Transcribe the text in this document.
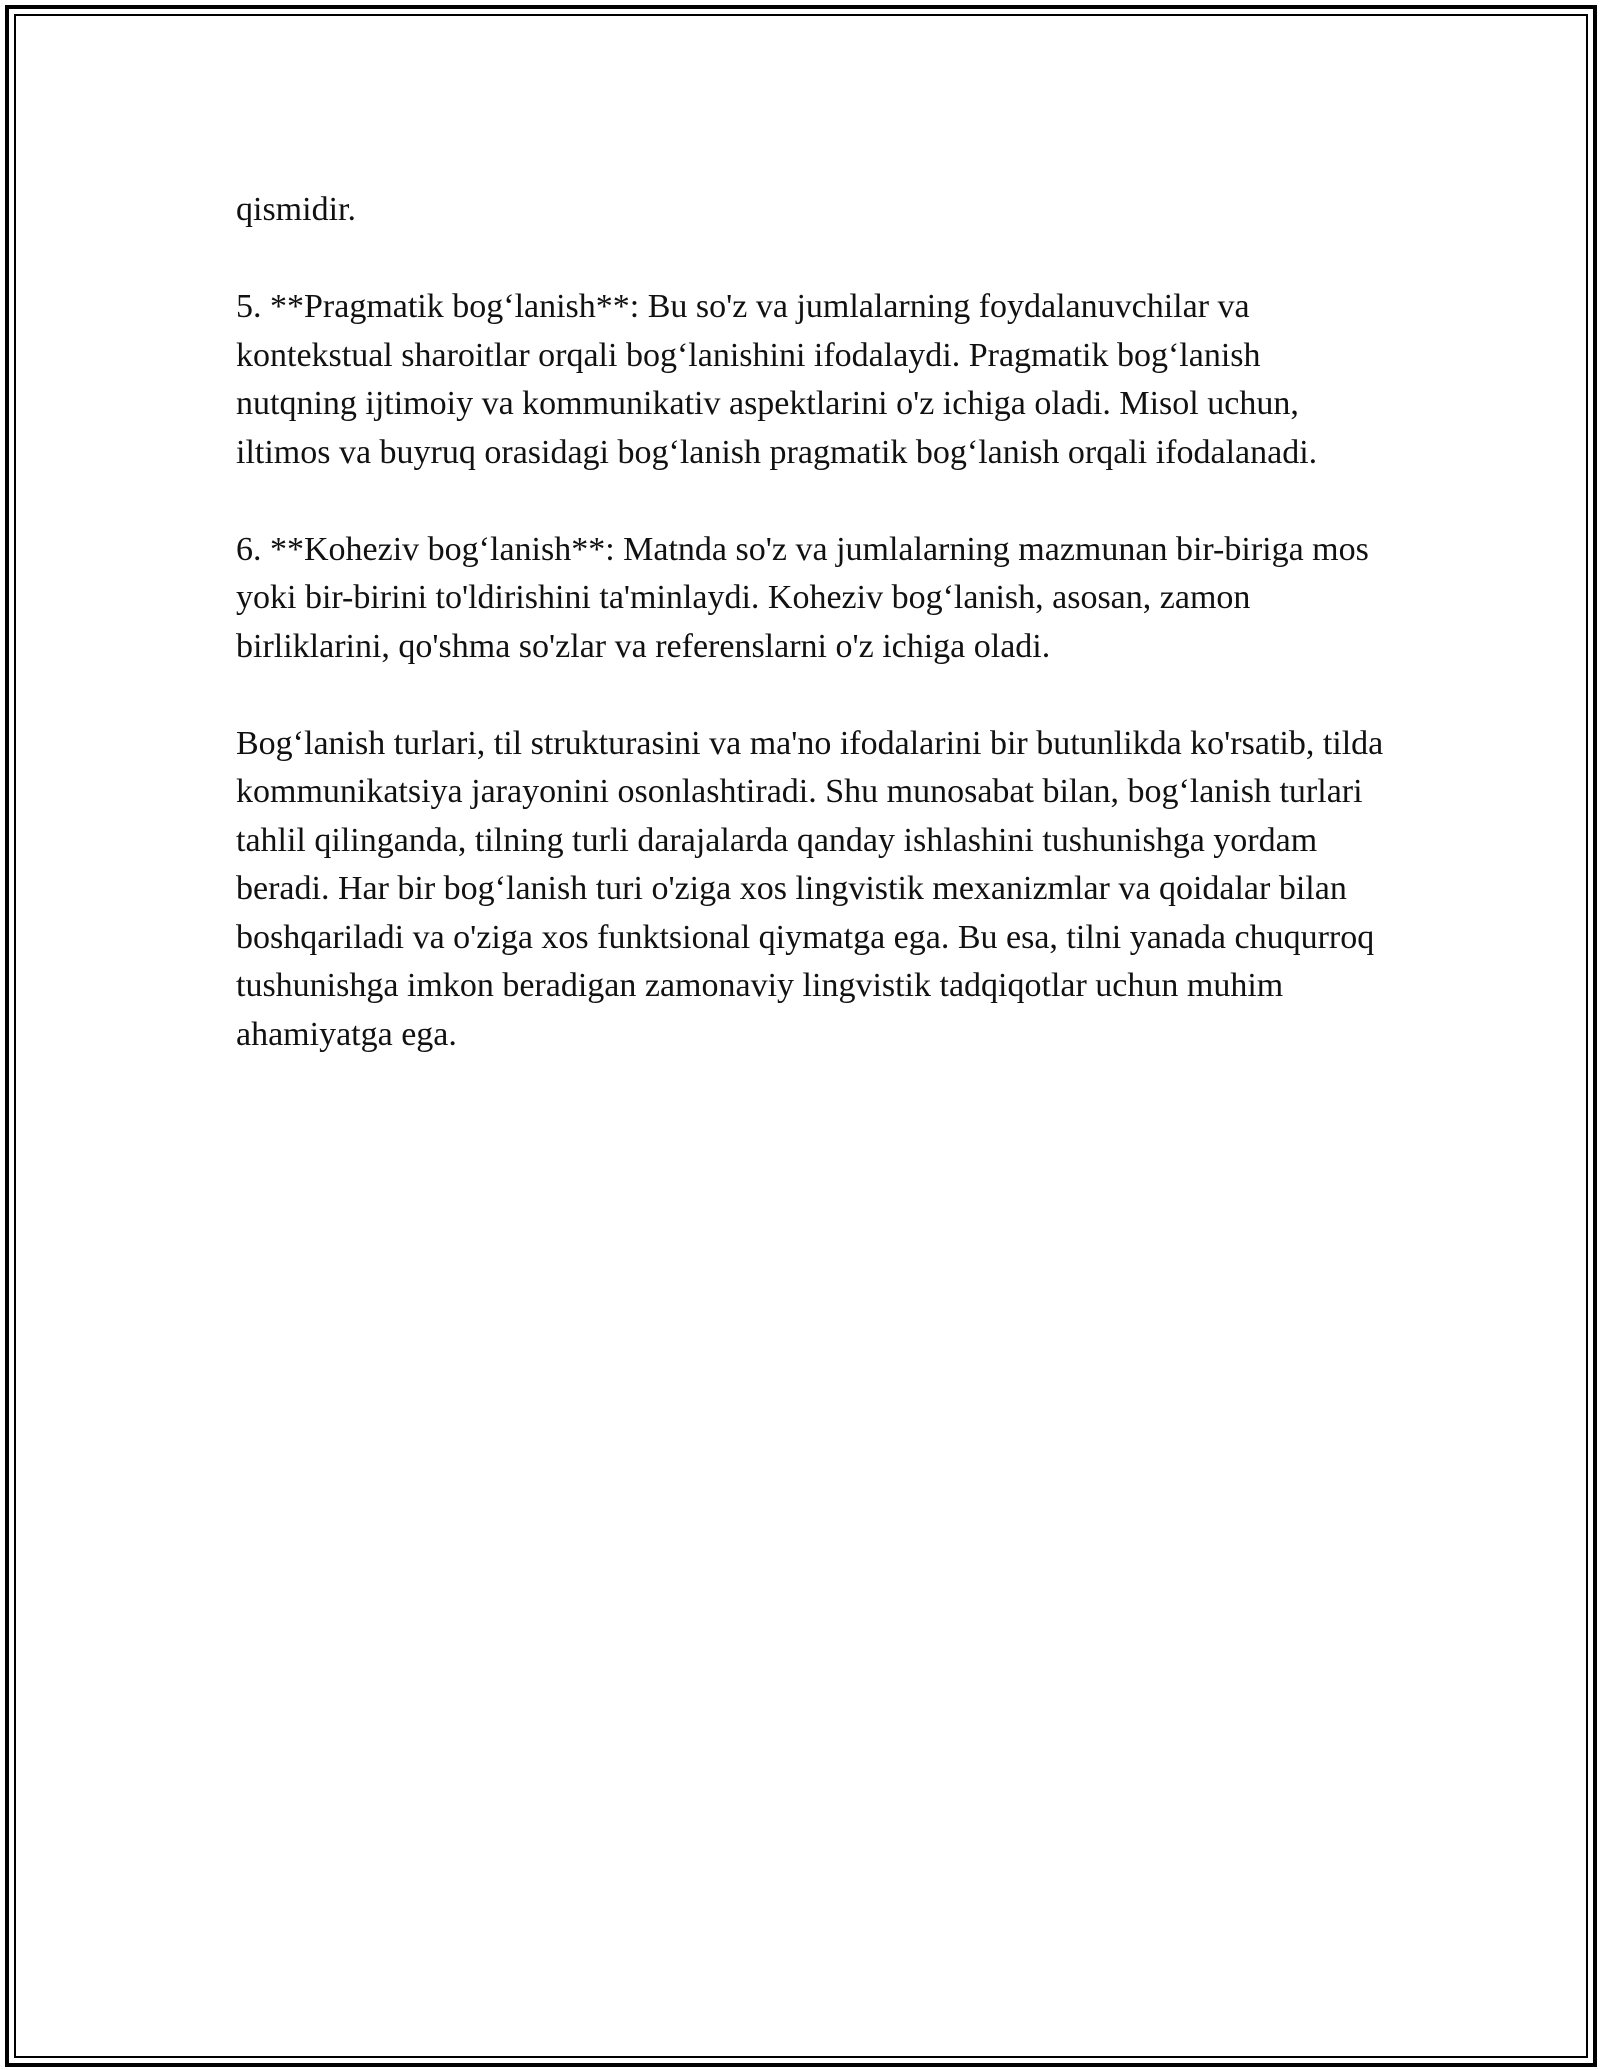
qismidir.

5. **Pragmatik bog‘lanish**: Bu so'z va jumlalarning foydalanuvchilar va kontekstual sharoitlar orqali bog‘lanishini ifodalaydi. Pragmatik bog‘lanish nutqning ijtimoiy va kommunikativ aspektlarini o'z ichiga oladi. Misol uchun, iltimos va buyruq orasidagi bog‘lanish pragmatik bog‘lanish orqali ifodalanadi.

6. **Koheziv bog‘lanish**: Matnda so'z va jumlalarning mazmunan bir-biriga mos yoki bir-birini to'ldirishini ta'minlaydi. Koheziv bog‘lanish, asosan, zamon birliklarini, qo'shma so'zlar va referenslarni o'z ichiga oladi.

Bog‘lanish turlari, til strukturasini va ma'no ifodalarini bir butunlikda ko'rsatib, tilda kommunikatsiya jarayonini osonlashtiradi. Shu munosabat bilan, bog‘lanish turlari tahlil qilinganda, tilning turli darajalarda qanday ishlashini tushunishga yordam beradi. Har bir bog‘lanish turi o'ziga xos lingvistik mexanizmlar va qoidalar bilan boshqariladi va o'ziga xos funktsional qiymatga ega. Bu esa, tilni yanada chuqurroq tushunishga imkon beradigan zamonaviy lingvistik tadqiqotlar uchun muhim ahamiyatga ega.
